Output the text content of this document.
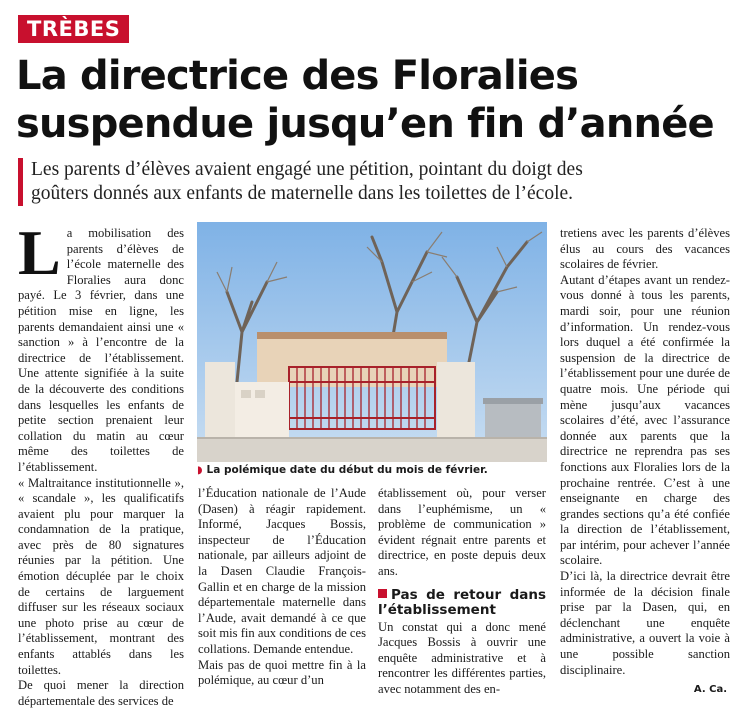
TRÈBES
La directrice des Floralies
suspendue jusqu’en fin d’année
Les parents d’élèves avaient engagé une pétition, pointant du doigt des
goûters donnés aux enfants de maternelle dans les toilettes de l’école.
L a mobilisation des parents d’élèves de l’école maternelle des Floralies aura donc payé. Le 3 février, dans une pétition mise en ligne, les parents demandaient ainsi une « sanction » à l’encontre de la directrice de l’établissement. Une attente signifiée à la suite de la découverte des conditions dans lesquelles les enfants de petite section prenaient leur collation du matin au cœur même des toilettes de l’établissement.

« Maltraitance institutionnelle », « scandale », les qualificatifs avaient plu pour marquer la condamnation de la pratique, avec près de 80 signatures réunies par la pétition. Une émotion décuplée par le choix de certains de larguement diffuser sur les réseaux sociaux une photo prise au cœur de l’établissement, montrant des enfants attablés dans les toilettes.

De quoi mener la direction départementale des services de

◗ La polémique date du début du mois de février.

l’Éducation nationale de l’Aude (Dasen) à réagir rapidement. Informé, Jacques Bossis, inspecteur de l’Éducation nationale, par ailleurs adjoint de la Dasen Claudie François-Gallin et en charge de la mission départementale maternelle dans l’Aude, avait demandé à ce que soit mis fin aux conditions de ces collations. Demande entendue.

Mais pas de quoi mettre fin à la polémique, au cœur d’un

établissement où, pour verser dans l’euphémisme, un « problème de communication » évident régnait entre parents et directrice, en poste depuis deux ans.

Pas de retour dans l’établissement

Un constat qui a donc mené Jacques Bossis à ouvrir une enquête administrative et à rencontrer les différentes parties, avec notamment des en-

tretiens avec les parents d’élèves élus au cours des vacances scolaires de février.

Autant d’étapes avant un rendez-vous donné à tous les parents, mardi soir, pour une réunion d’information. Un rendez-vous lors duquel a été confirmée la suspension de la directrice de l’établissement pour une durée de quatre mois. Une période qui mène jusqu’aux vacances scolaires d’été, avec l’assurance donnée aux parents que la directrice ne reprendra pas ses fonctions aux Floralies lors de la prochaine rentrée. C’est à une enseignante en charge des grandes sections qu’a été confiée la direction de l’établissement, par intérim, pour achever l’année scolaire.

D’ici là, la directrice devrait être informée de la décision finale prise par la Dasen, qui, en déclenchant une enquête administrative, a ouvert la voie à une possible sanction disciplinaire.

A. Ca.
